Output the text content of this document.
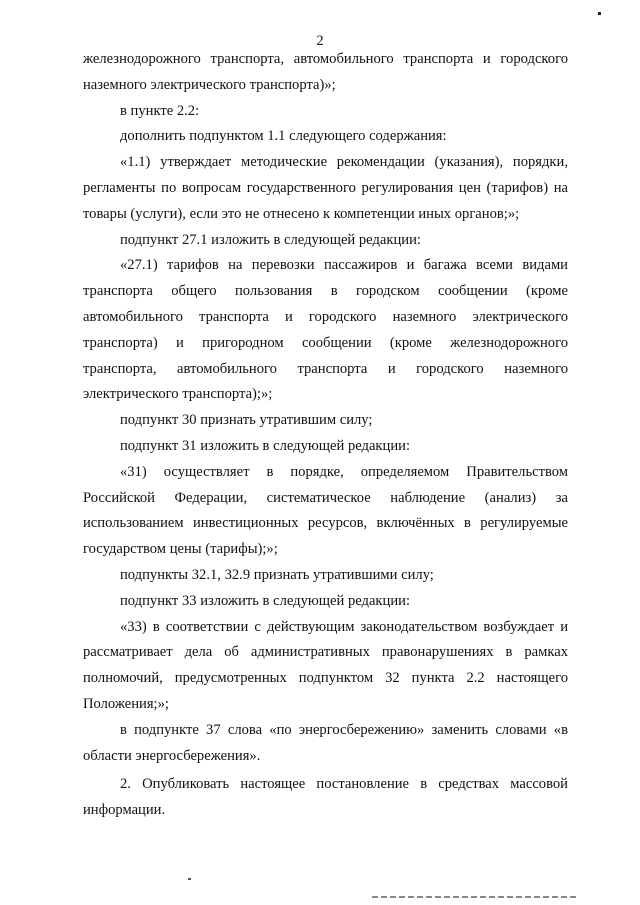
2

железнодорожного транспорта, автомобильного транспорта и городского наземного электрического транспорта)»;

в пункте 2.2:

дополнить подпунктом 1.1 следующего содержания:

«1.1) утверждает методические рекомендации (указания), порядки, регламенты по вопросам государственного регулирования цен (тарифов) на товары (услуги), если это не отнесено к компетенции иных органов;»;

подпункт 27.1 изложить в следующей редакции:

«27.1) тарифов на перевозки пассажиров и багажа всеми видами транспорта общего пользования в городском сообщении (кроме автомобильного транспорта и городского наземного электрического транспорта) и пригородном сообщении (кроме железнодорожного транспорта, автомобильного транспорта и городского наземного электрического транспорта);»;

подпункт 30 признать утратившим силу;

подпункт 31 изложить в следующей редакции:

«31) осуществляет в порядке, определяемом Правительством Российской Федерации, систематическое наблюдение (анализ) за использованием инвестиционных ресурсов, включённых в регулируемые государством цены (тарифы);»;

подпункты 32.1, 32.9 признать утратившими силу;

подпункт 33 изложить в следующей редакции:

«33) в соответствии с действующим законодательством возбуждает и рассматривает дела об административных правонарушениях в рамках полномочий, предусмотренных подпунктом 32 пункта 2.2 настоящего Положения;»;

в подпункте 37 слова «по энергосбережению» заменить словами «в области энергосбережения».

2. Опубликовать настоящее постановление в средствах массовой информации.
